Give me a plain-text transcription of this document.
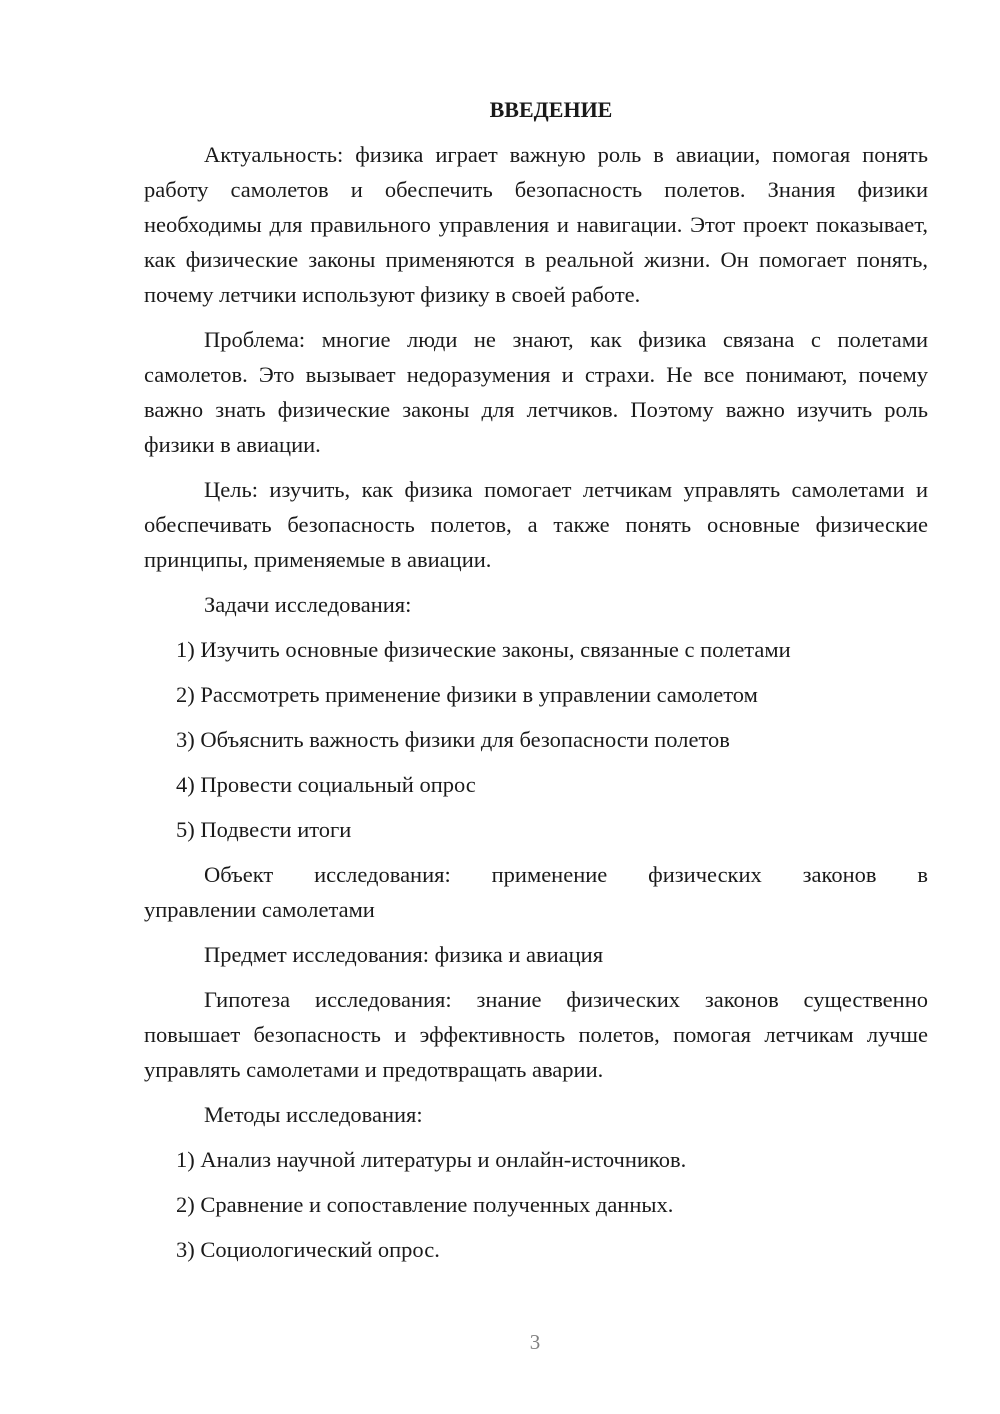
ВВЕДЕНИЕ

Актуальность: физика играет важную роль в авиации, помогая понять работу самолетов и обеспечить безопасность полетов. Знания физики необходимы для правильного управления и навигации. Этот проект показывает, как физические законы применяются в реальной жизни. Он помогает понять, почему летчики используют физику в своей работе.

Проблема: многие люди не знают, как физика связана с полетами самолетов. Это вызывает недоразумения и страхи. Не все понимают, почему важно знать физические законы для летчиков. Поэтому важно изучить роль физики в авиации.

Цель: изучить, как физика помогает летчикам управлять самолетами и обеспечивать безопасность полетов, а также понять основные физические принципы, применяемые в авиации.

Задачи исследования:

1) Изучить основные физические законы, связанные с полетами
2) Рассмотреть применение физики в управлении самолетом
3) Объяснить важность физики для безопасности полетов
4) Провести социальный опрос
5) Подвести итоги
Объект исследования: применение физических законов в
управлении самолетами

Предмет исследования: физика и авиация

Гипотеза исследования: знание физических законов существенно повышает безопасность и эффективность полетов, помогая летчикам лучше управлять самолетами и предотвращать аварии.

Методы исследования:

1) Анализ научной литературы и онлайн-источников.
2) Сравнение и сопоставление полученных данных.
3) Социологический опрос.
3
